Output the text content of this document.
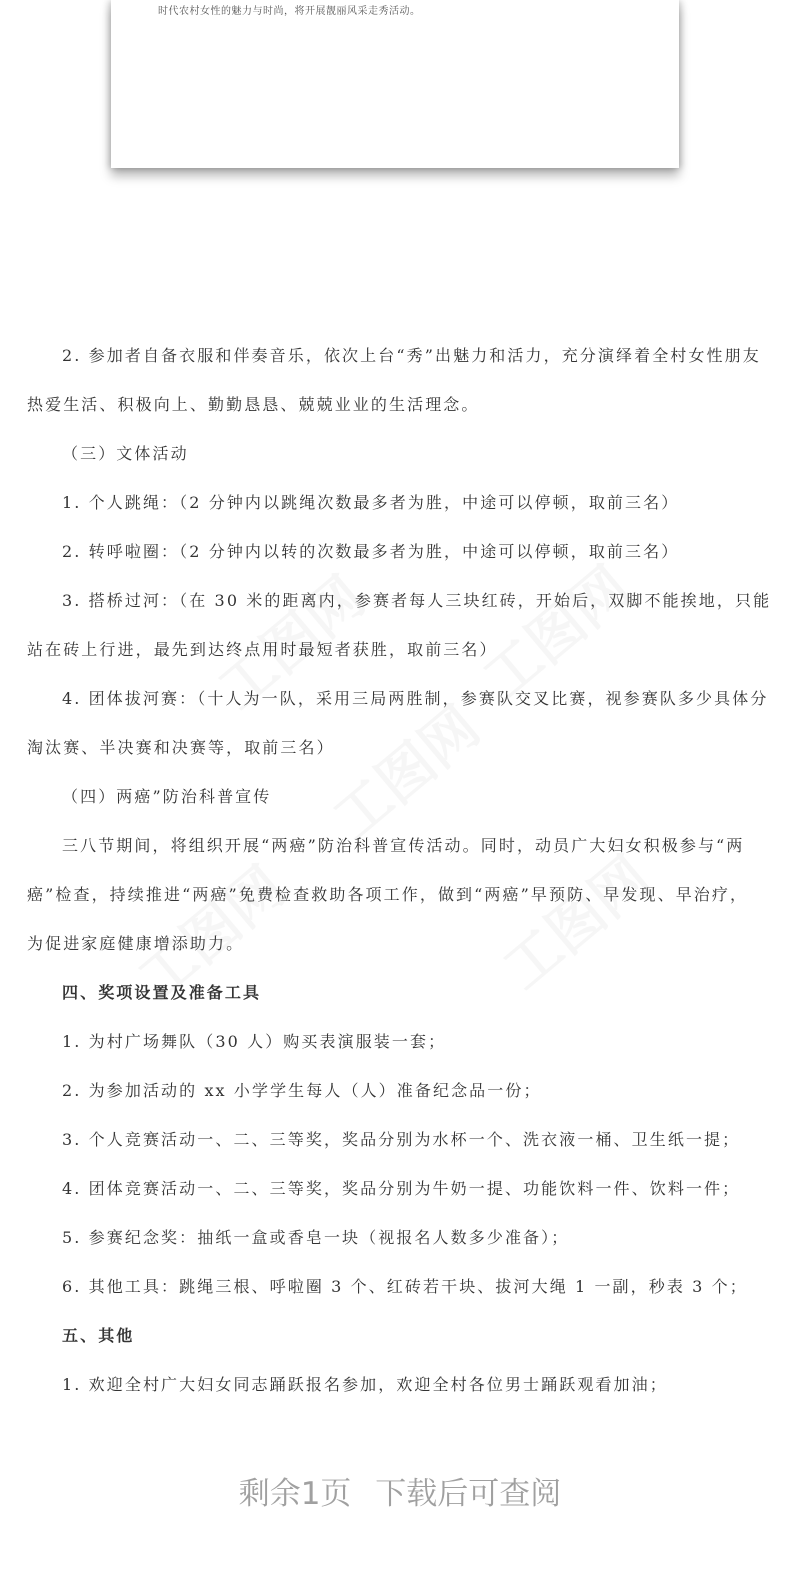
时代农村女性的魅力与时尚，将开展靓丽风采走秀活动。
2. 参加者自备衣服和伴奏音乐，依次上台“秀”出魅力和活力，充分演绎着全村女性朋友
热爱生活、积极向上、勤勤恳恳、兢兢业业的生活理念。
（三）文体活动
1. 个人跳绳：（2 分钟内以跳绳次数最多者为胜，中途可以停顿，取前三名）
2. 转呼啦圈：（2 分钟内以转的次数最多者为胜，中途可以停顿，取前三名）
3. 搭桥过河：（在 30 米的距离内，参赛者每人三块红砖，开始后，双脚不能挨地，只能
站在砖上行进，最先到达终点用时最短者获胜，取前三名）
4. 团体拔河赛：（十人为一队，采用三局两胜制，参赛队交叉比赛，视参赛队多少具体分
淘汰赛、半决赛和决赛等，取前三名）
（四）两癌”防治科普宣传
三八节期间，将组织开展“两癌”防治科普宣传活动。同时，动员广大妇女积极参与“两
癌”检查，持续推进“两癌”免费检查救助各项工作，做到“两癌”早预防、早发现、早治疗，
为促进家庭健康增添助力。
四、奖项设置及准备工具
1. 为村广场舞队（30 人）购买表演服装一套；
2. 为参加活动的 xx 小学学生每人（人）准备纪念品一份；
3. 个人竞赛活动一、二、三等奖，奖品分别为水杯一个、洗衣液一桶、卫生纸一提；
4. 团体竞赛活动一、二、三等奖，奖品分别为牛奶一提、功能饮料一件、饮料一件；
5. 参赛纪念奖：抽纸一盒或香皂一块（视报名人数多少准备）；
6. 其他工具：跳绳三根、呼啦圈 3 个、红砖若干块、拔河大绳 1 一副，秒表 3 个；
五、其他
1. 欢迎全村广大妇女同志踊跃报名参加，欢迎全村各位男士踊跃观看加油；
剩余1页 下载后可查阅
